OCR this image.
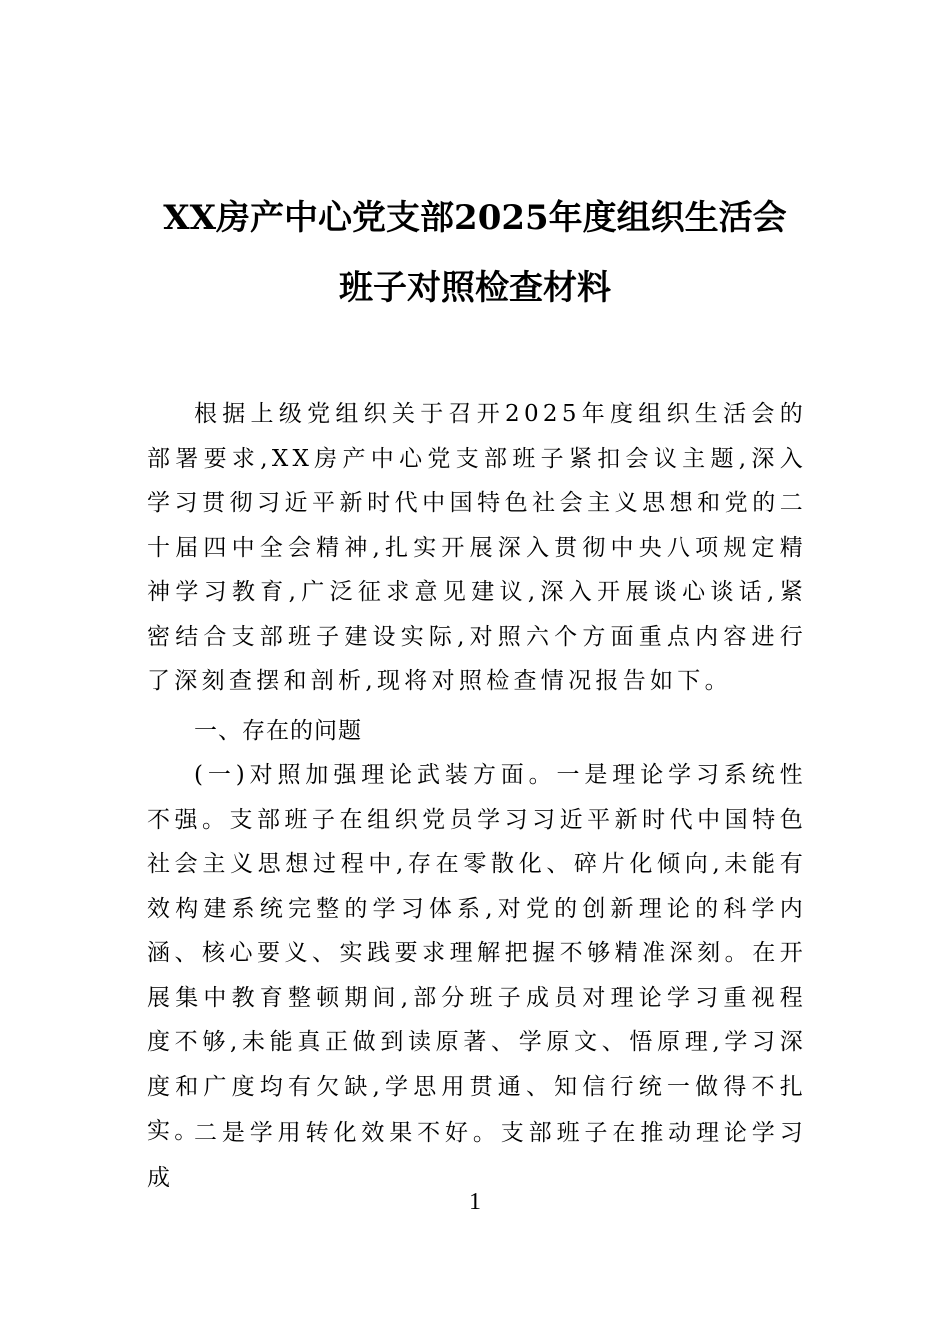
XX房产中心党支部2025年度组织生活会
班子对照检查材料
根据上级党组织关于召开2025年度组织生活会的部署要求,XX房产中心党支部班子紧扣会议主题,深入学习贯彻习近平新时代中国特色社会主义思想和党的二十届四中全会精神,扎实开展深入贯彻中央八项规定精神学习教育,广泛征求意见建议,深入开展谈心谈话,紧密结合支部班子建设实际,对照六个方面重点内容进行了深刻查摆和剖析,现将对照检查情况报告如下。
一、存在的问题
(一)对照加强理论武装方面。一是理论学习系统性不强。支部班子在组织党员学习习近平新时代中国特色社会主义思想过程中,存在零散化、碎片化倾向,未能有效构建系统完整的学习体系,对党的创新理论的科学内涵、核心要义、实践要求理解把握不够精准深刻。在开展集中教育整顿期间,部分班子成员对理论学习重视程度不够,未能真正做到读原著、学原文、悟原理,学习深度和广度均有欠缺,学思用贯通、知信行统一做得不扎实。
二是学用转化效果不好。支部班子在推动理论学习成
1
